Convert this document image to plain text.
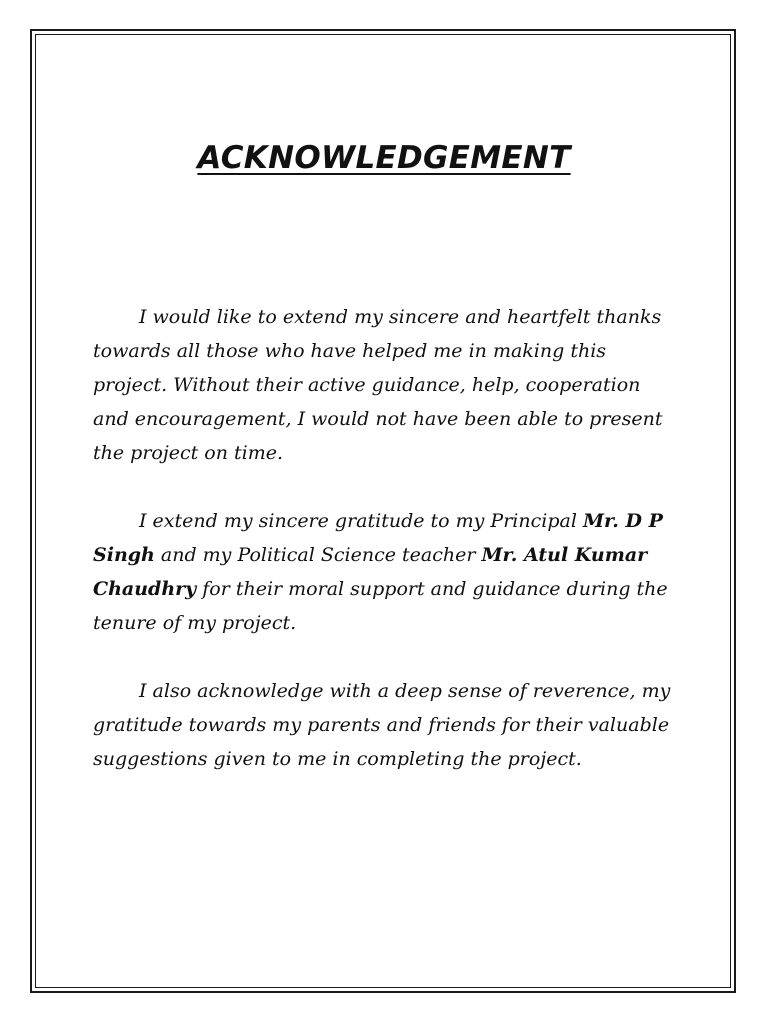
ACKNOWLEDGEMENT

I would like to extend my sincere and heartfelt thanks towards all those who have helped me in making this project. Without their active guidance, help, cooperation and encouragement, I would not have been able to present the project on time.

I extend my sincere gratitude to my Principal Mr. D P Singh and my Political Science teacher Mr. Atul Kumar Chaudhry for their moral support and guidance during the tenure of my project.

I also acknowledge with a deep sense of reverence, my gratitude towards my parents and friends for their valuable suggestions given to me in completing the project.
